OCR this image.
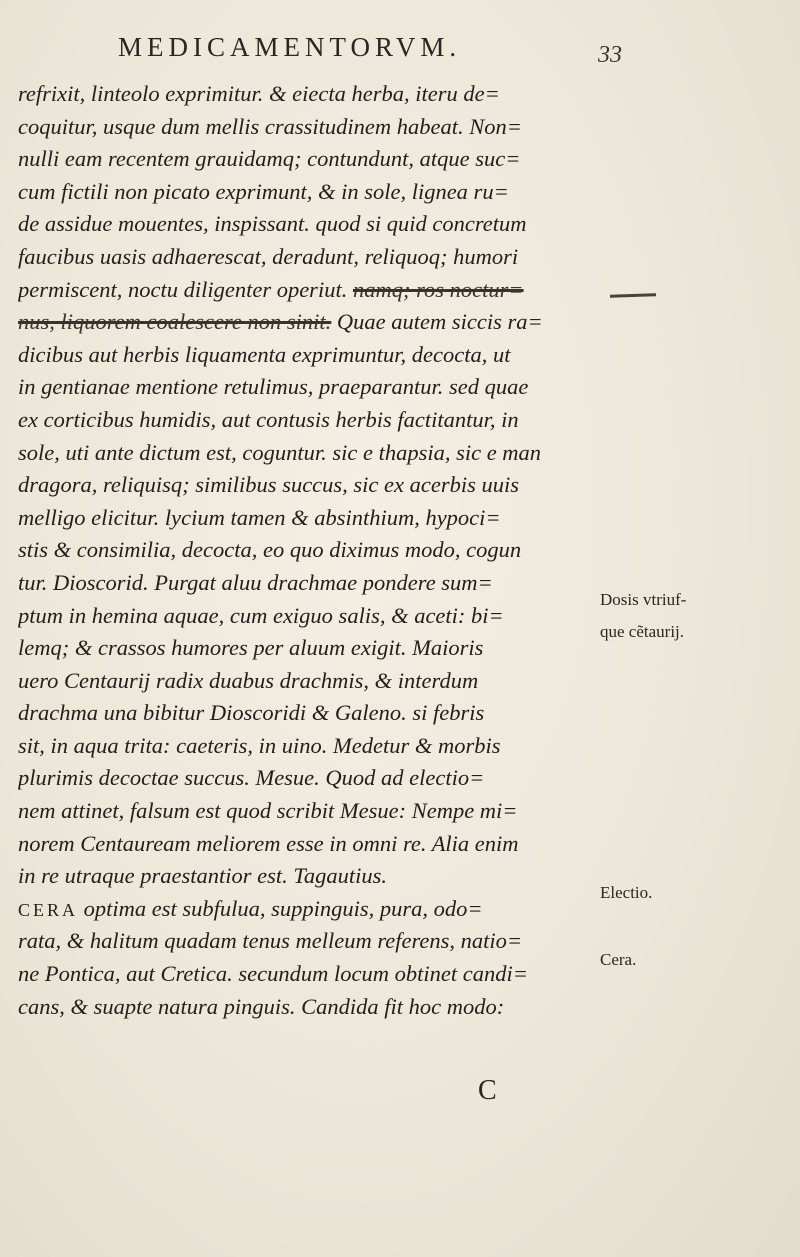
MEDICAMENTORVM.	33
refrixit, linteolo exprimitur. & eiecta herba, iteru de=
coquitur, usque dum mellis crassitudinem habeat. Non=
nulli eam recentem grauidamq; contundunt, atque suc=
cum fictili non picato exprimunt, & in sole, lignea ru=
de assidue mouentes, inspissant. quod si quid concretum
faucibus uasis adhaerescat, deradunt, reliquoq; humori
permiscent, noctu diligenter operiut. namq; ros noctur=
nus, liquorem coalescere non sinit. Quae autem siccis ra=
dicibus aut herbis liquamenta exprimuntur, decocta, ut
in gentianae mentione retulimus, praeparantur. sed quae
ex corticibus humidis, aut contusis herbis factitantur, in
sole, uti ante dictum est, coguntur. sic e thapsia, sic e man
dragora, reliquisq; similibus succus, sic ex acerbis uuis
melligo elicitur. lycium tamen & absinthium, hypoci=
stis & consimilia, decocta, eo quo diximus modo, cogun
tur. Dioscorid. Purgat aluu drachmae pondere sum=
ptum in hemina aquae, cum exiguo salis, & aceti: bi=
lemq; & crassos humores per aluum exigit. Maioris
uero Centaurij radix duabus drachmis, & interdum
drachma una bibitur Dioscoridi & Galeno. si febris
sit, in aqua trita: caeteris, in uino. Medetur & morbis
plurimis decoctae succus. Mesue. Quod ad electio=
nem attinet, falsum est quod scribit Mesue: Nempe mi=
norem Centauream meliorem esse in omni re. Alia enim
in re utraque praestantior est. Tagautius.
CERA optima est subfulua, suppinguis, pura, odo=
rata, & halitum quadam tenus melleum referens, natio=
ne Pontica, aut Cretica. secundum locum obtinet candi=
cans, & suapte natura pinguis. Candida fit hoc modo:
Dosis vtriuf-
que cẽtaurij.
Electio.
Cera.
C
